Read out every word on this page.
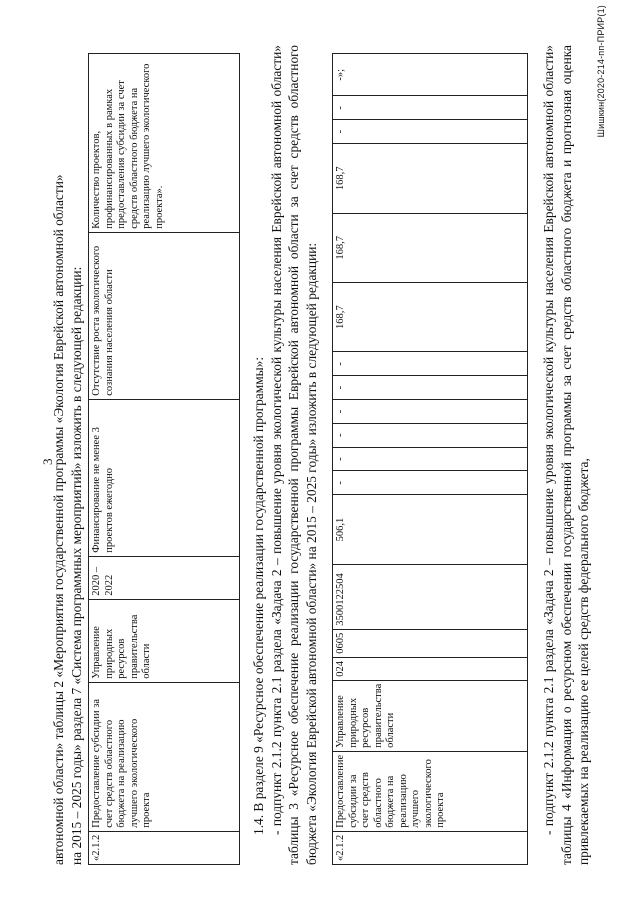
3

автономной области» таблицы 2 «Мероприятия государственной программы «Экология Еврейской автономной области» на 2015 – 2025 годы» раздела 7 «Система программных мероприятий» изложить в следующей редакции: «2.1.2	Предоставление субсидии за счет средств областного бюджета на реализацию лучшего экологического проекта	Управление природных ресурсов правительства области	2020 – 2022	Финансирование не менее 3 проектов ежегодно	Отсутствие роста экологического сознания населения области	Количество проектов, профинансированных в рамках предоставления субсидии за счет средств областного бюджета на реализацию лучшего экологического проекта».

1.4. В разделе 9 «Ресурсное обеспечение реализации государственной программы»: - подпункт 2.1.2 пункта 2.1 раздела «Задача 2 – повышение уровня экологической культуры населения Еврейской автономной области» таблицы 3 «Ресурсное обеспечение реализации государственной программы Еврейской автономной области за счет средств областного бюджета «Экология Еврейской автономной области» на 2015 – 2025 годы» изложить в следующей редакции: «2.1.2	Предоставление субсидии за счет средств областного бюджета на реализацию лучшего экологического проекта	Управление природных ресурсов правительства области	024	0605	3500122504	506,1	-	-	-	-	-	-	168,7	168,7	168,7	-	-	-»;	- подпункт 2.1.2 пункта 2.1 раздела «Задача 2 – повышение уровня экологической культуры населения Еврейской автономной области» таблицы 4 «Информация о ресурсном обеспечении государственной программы за счет средств областного бюджета и прогнозная оценка привлекаемых на реализацию ее целей средств федерального бюджета,

Шишкин(2020-214-пп-ПРИР(1)
